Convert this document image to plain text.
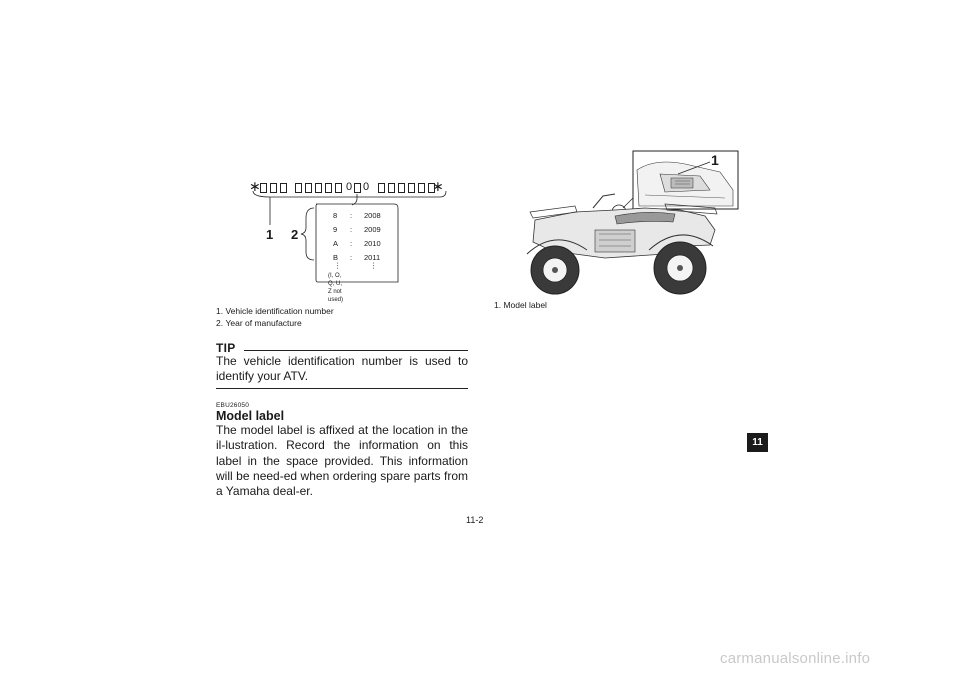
∗	∗
0 0
1 2
8 : 2008
9 : 2009
A : 2010
B : 2011
⋮	⋮
(I, O, Q, U, Z not used)
1. Vehicle identification number
2. Year of manufacture
TIP
The vehicle identification number is used to identify your ATV.
EBU26050
Model label
The model label is affixed at the location in the il-lustration. Record the information on this label in the space provided. This information will be need-ed when ordering spare parts from a Yamaha deal-er.
1
1. Model label
11
11-2
carmanualsonline.info
